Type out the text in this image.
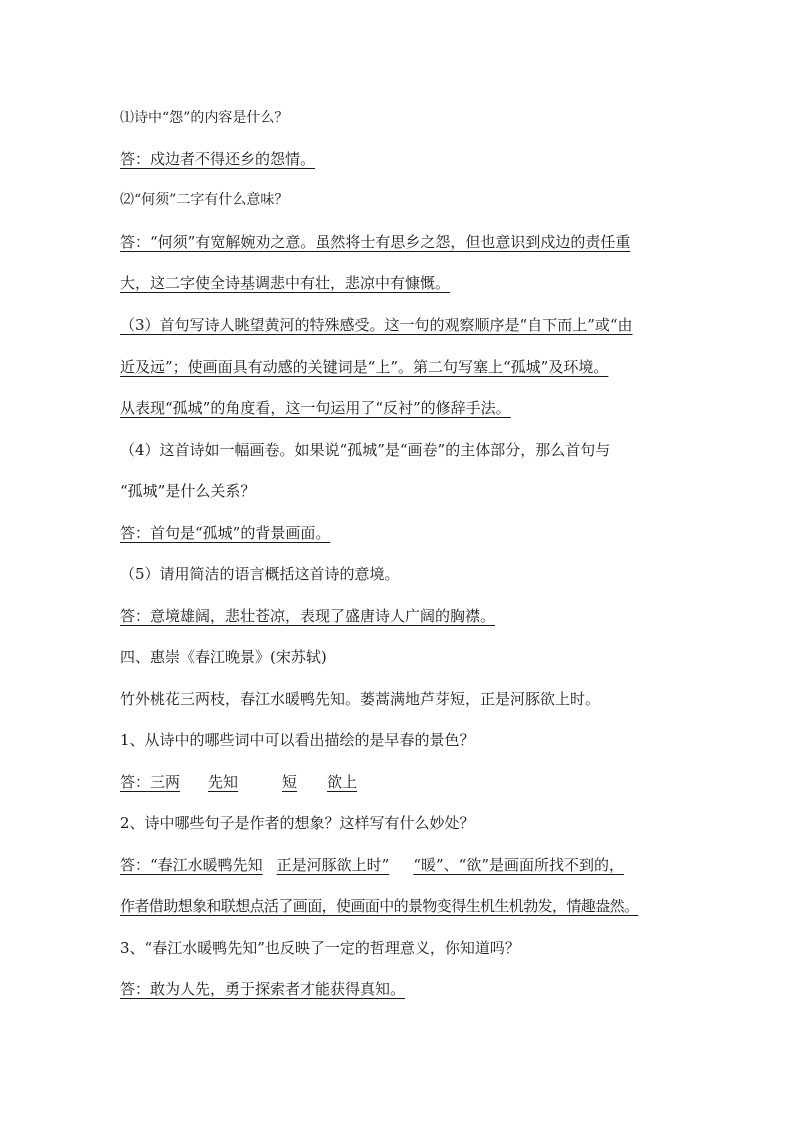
⑴诗中“怨”的内容是什么？
答：戍边者不得还乡的怨情。
⑵“何须”二字有什么意味？
答：“何须”有宽解婉劝之意。虽然将士有思乡之怨，但也意识到戍边的责任重
大，这二字使全诗基调悲中有壮，悲凉中有慷慨。
（3）首句写诗人眺望黄河的特殊感受。这一句的观察顺序是“自下而上”或“由
近及远”；使画面具有动感的关键词是“上”。第二句写塞上“孤城”及环境。
从表现“孤城”的角度看，这一句运用了“反衬”的修辞手法。
（4）这首诗如一幅画卷。如果说“孤城”是“画卷”的主体部分，那么首句与
“孤城”是什么关系？
答：首句是“孤城”的背景画面。
（5）请用简洁的语言概括这首诗的意境。
答：意境雄阔，悲壮苍凉，表现了盛唐诗人广阔的胸襟。
四、惠崇《春江晚景》(宋苏轼)
竹外桃花三两枝，春江水暖鸭先知。蒌蒿满地芦芽短，正是河豚欲上时。
1、从诗中的哪些词中可以看出描绘的是早春的景色？
答：三两 先知	短 欲上
2、诗中哪些句子是作者的想象？这样写有什么妙处？
答：“春江水暖鸭先知 正是河豚欲上时” “暖”、“欲”是画面所找不到的，
作者借助想象和联想点活了画面，使画面中的景物变得生机生机勃发，情趣盎然。
3、“春江水暖鸭先知”也反映了一定的哲理意义，你知道吗？
答：敢为人先，勇于探索者才能获得真知。
